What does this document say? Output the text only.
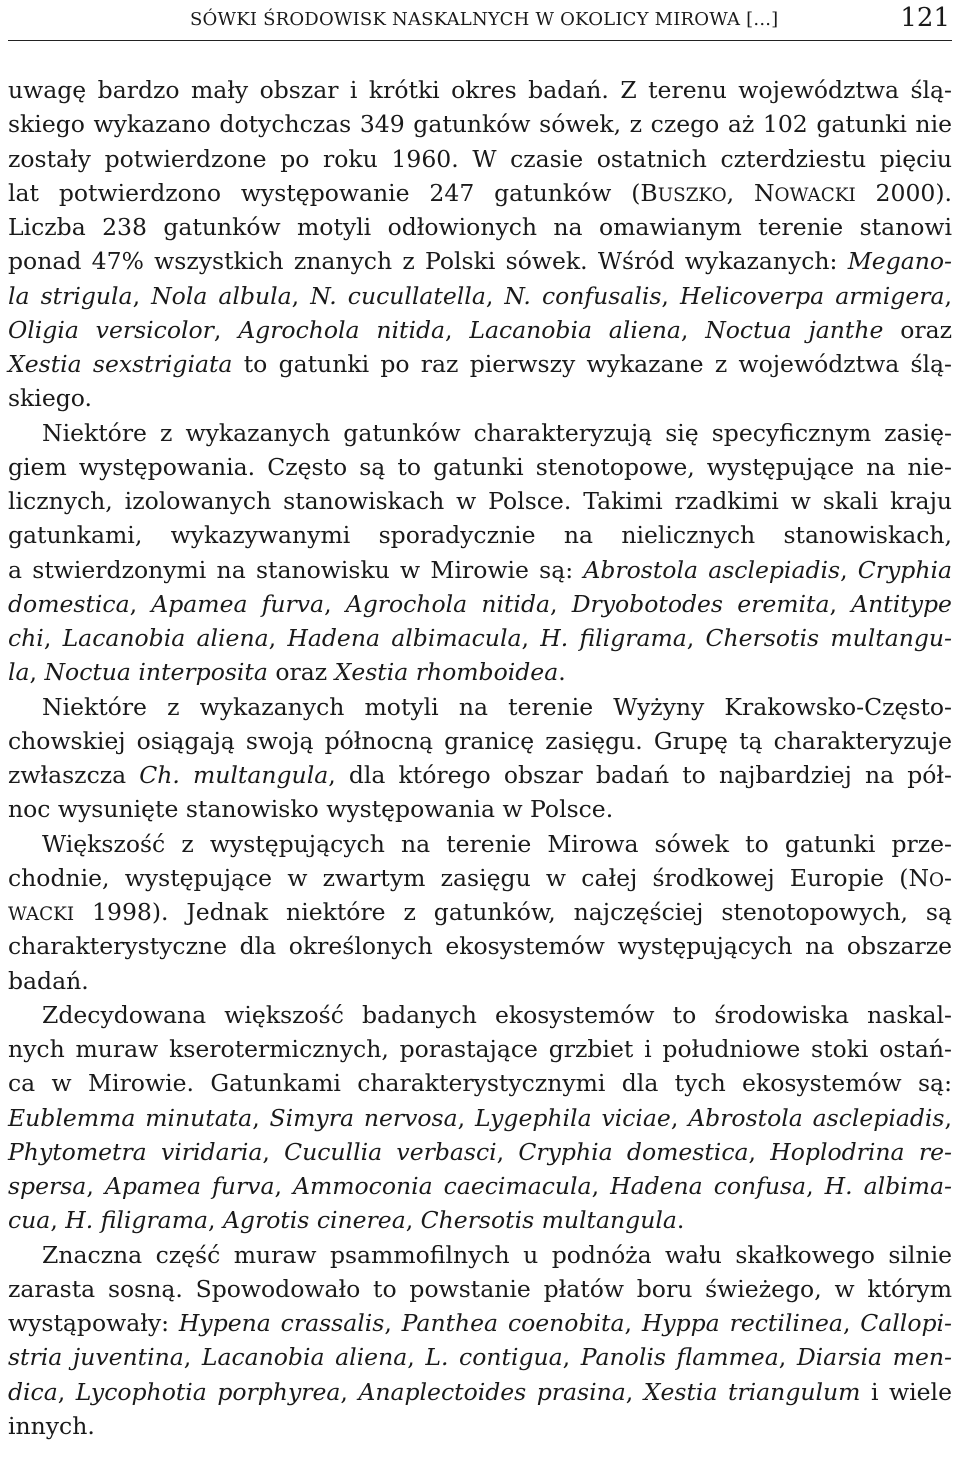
SÓWKI ŚRODOWISK NASKALNYCH W OKOLICY MIROWA [...]	121
uwagę bardzo mały obszar i krótki okres badań. Z terenu województwa ślą-
skiego wykazano dotychczas 349 gatunków sówek, z czego aż 102 gatunki nie
zostały potwierdzone po roku 1960. W czasie ostatnich czterdziestu pięciu
lat potwierdzono występowanie 247 gatunków (BUSZKO, NOWACKI 2000).
Liczba 238 gatunków motyli odłowionych na omawianym terenie stanowi
ponad 47% wszystkich znanych z Polski sówek. Wśród wykazanych: Megano-
la strigula, Nola albula, N. cucullatella, N. confusalis, Helicoverpa armigera,
Oligia versicolor, Agrochola nitida, Lacanobia aliena, Noctua janthe oraz
Xestia sexstrigiata to gatunki po raz pierwszy wykazane z województwa ślą-
skiego.
Niektóre z wykazanych gatunków charakteryzują się specyficznym zasię-
giem występowania. Często są to gatunki stenotopowe, występujące na nie-
licznych, izolowanych stanowiskach w Polsce. Takimi rzadkimi w skali kraju
gatunkami, wykazywanymi sporadycznie na nielicznych stanowiskach,
a stwierdzonymi na stanowisku w Mirowie są: Abrostola asclepiadis, Cryphia
domestica, Apamea furva, Agrochola nitida, Dryobotodes eremita, Antitype
chi, Lacanobia aliena, Hadena albimacula, H. filigrama, Chersotis multangu-
la, Noctua interposita oraz Xestia rhomboidea.
Niektóre z wykazanych motyli na terenie Wyżyny Krakowsko-Często-
chowskiej osiągają swoją północną granicę zasięgu. Grupę tą charakteryzuje
zwłaszcza Ch. multangula, dla którego obszar badań to najbardziej na pół-
noc wysunięte stanowisko występowania w Polsce.
Większość z występujących na terenie Mirowa sówek to gatunki prze-
chodnie, występujące w zwartym zasięgu w całej środkowej Europie (NO-
WACKI 1998). Jednak niektóre z gatunków, najczęściej stenotopowych, są
charakterystyczne dla określonych ekosystemów występujących na obszarze
badań.
Zdecydowana większość badanych ekosystemów to środowiska naskal-
nych muraw kserotermicznych, porastające grzbiet i południowe stoki ostań-
ca w Mirowie. Gatunkami charakterystycznymi dla tych ekosystemów są:
Eublemma minutata, Simyra nervosa, Lygephila viciae, Abrostola asclepiadis,
Phytometra viridaria, Cucullia verbasci, Cryphia domestica, Hoplodrina re-
spersa, Apamea furva, Ammoconia caecimacula, Hadena confusa, H. albima-
cua, H. filigrama, Agrotis cinerea, Chersotis multangula.
Znaczna część muraw psammofilnych u podnóża wału skałkowego silnie
zarasta sosną. Spowodowało to powstanie płatów boru świeżego, w którym
wystąpowały: Hypena crassalis, Panthea coenobita, Hyppa rectilinea, Callopi-
stria juventina, Lacanobia aliena, L. contigua, Panolis flammea, Diarsia men-
dica, Lycophotia porphyrea, Anaplectoides prasina, Xestia triangulum i wiele
innych.
